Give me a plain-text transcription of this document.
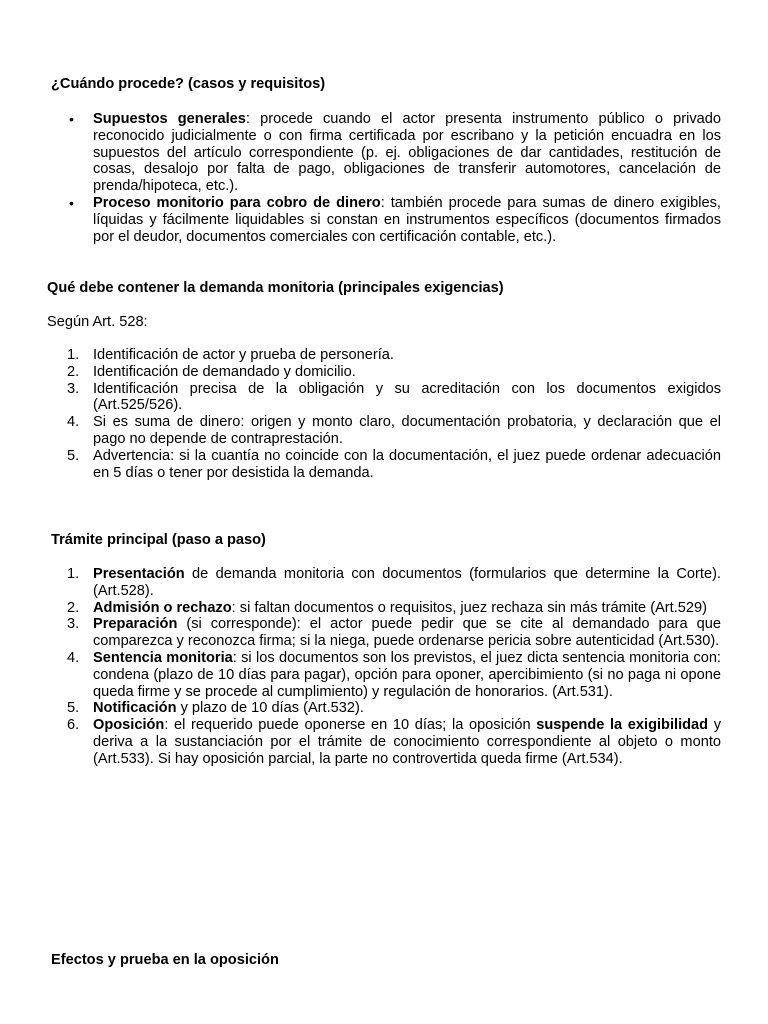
¿Cuándo procede? (casos y requisitos)
• Supuestos generales: procede cuando el actor presenta instrumento público o privado reconocido judicialmente o con firma certificada por escribano y la petición encuadra en los supuestos del artículo correspondiente (p. ej. obligaciones de dar cantidades, restitución de cosas, desalojo por falta de pago, obligaciones de transferir automotores, cancelación de prenda/hipoteca, etc.).
• Proceso monitorio para cobro de dinero: también procede para sumas de dinero exigibles, líquidas y fácilmente liquidables si constan en instrumentos específicos (documentos firmados por el deudor, documentos comerciales con certificación contable, etc.).
Qué debe contener la demanda monitoria (principales exigencias)

Según Art. 528:

1. Identificación de actor y prueba de personería.
2. Identificación de demandado y domicilio.
3. Identificación precisa de la obligación y su acreditación con los documentos exigidos (Art.525/526).
4. Si es suma de dinero: origen y monto claro, documentación probatoria, y declaración que el pago no depende de contraprestación.
5. Advertencia: si la cuantía no coincide con la documentación, el juez puede ordenar adecuación en 5 días o tener por desistida la demanda.
Trámite principal (paso a paso)
1. Presentación de demanda monitoria con documentos (formularios que determine la Corte). (Art.528).
2. Admisión o rechazo: si faltan documentos o requisitos, juez rechaza sin más trámite (Art.529)
3. Preparación (si corresponde): el actor puede pedir que se cite al demandado para que comparezca y reconozca firma; si la niega, puede ordenarse pericia sobre autenticidad (Art.530).
4. Sentencia monitoria: si los documentos son los previstos, el juez dicta sentencia monitoria con: condena (plazo de 10 días para pagar), opción para oponer, apercibimiento (si no paga ni opone queda firme y se procede al cumplimiento) y regulación de honorarios. (Art.531).
5. Notificación y plazo de 10 días (Art.532).
6. Oposición: el requerido puede oponerse en 10 días; la oposición suspende la exigibilidad y deriva a la sustanciación por el trámite de conocimiento correspondiente al objeto o monto (Art.533). Si hay oposición parcial, la parte no controvertida queda firme (Art.534).
Efectos y prueba en la oposición
